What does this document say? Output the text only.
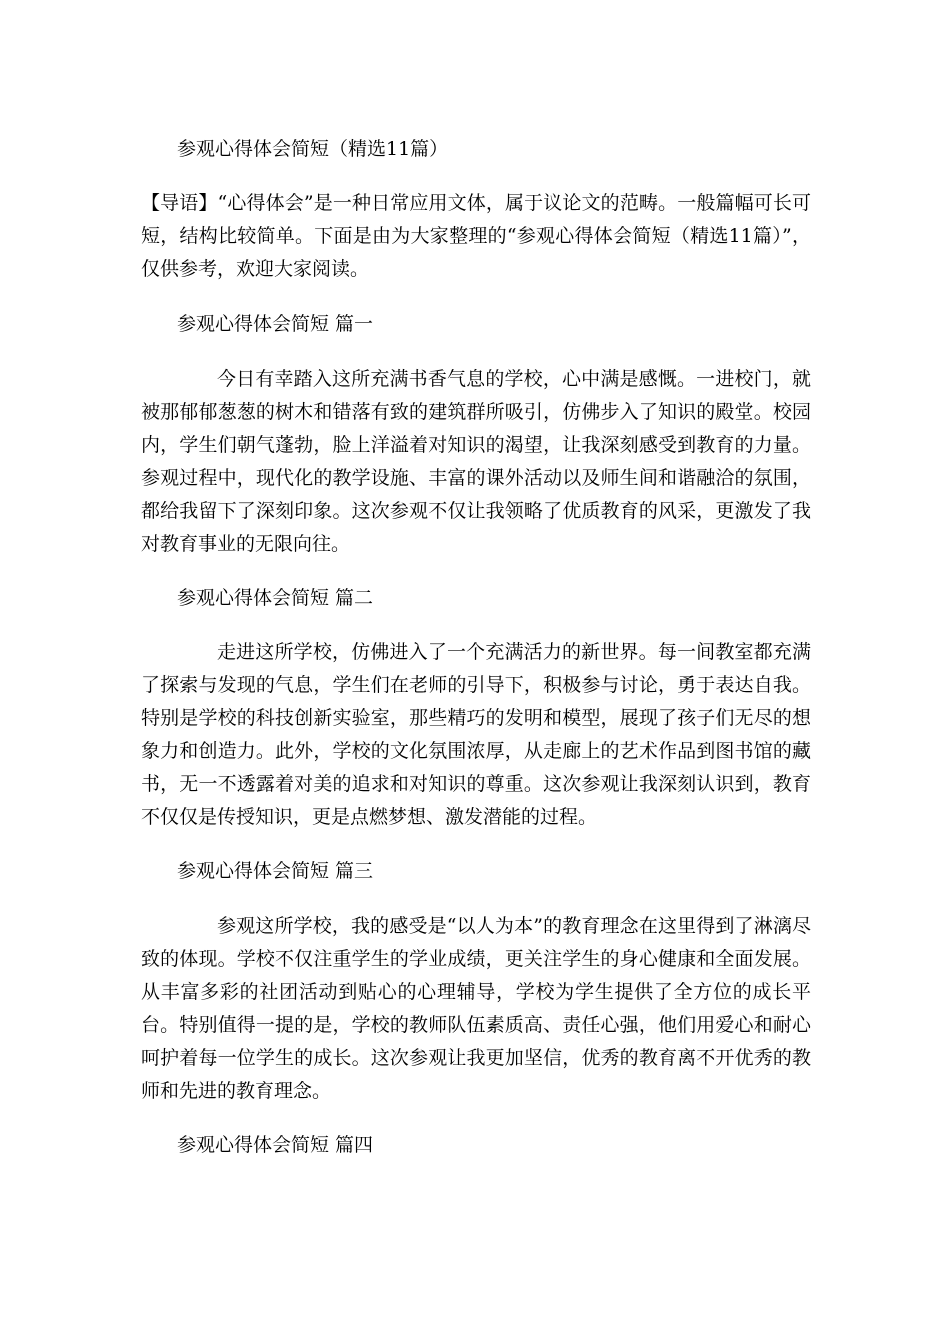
参观心得体会简短（精选11篇）

【导语】“心得体会”是一种日常应用文体，属于议论文的范畴。一般篇幅可长可短，结构比较简单。下面是由为大家整理的“参观心得体会简短（精选11篇）”，仅供参考，欢迎大家阅读。

参观心得体会简短 篇一

今日有幸踏入这所充满书香气息的学校，心中满是感慨。一进校门，就被那郁郁葱葱的树木和错落有致的建筑群所吸引，仿佛步入了知识的殿堂。校园内，学生们朝气蓬勃，脸上洋溢着对知识的渴望，让我深刻感受到教育的力量。参观过程中，现代化的教学设施、丰富的课外活动以及师生间和谐融洽的氛围，都给我留下了深刻印象。这次参观不仅让我领略了优质教育的风采，更激发了我对教育事业的无限向往。

参观心得体会简短 篇二

走进这所学校，仿佛进入了一个充满活力的新世界。每一间教室都充满了探索与发现的气息，学生们在老师的引导下，积极参与讨论，勇于表达自我。特别是学校的科技创新实验室，那些精巧的发明和模型，展现了孩子们无尽的想象力和创造力。此外，学校的文化氛围浓厚，从走廊上的艺术作品到图书馆的藏书，无一不透露着对美的追求和对知识的尊重。这次参观让我深刻认识到，教育不仅仅是传授知识，更是点燃梦想、激发潜能的过程。

参观心得体会简短 篇三

参观这所学校，我的感受是“以人为本”的教育理念在这里得到了淋漓尽致的体现。学校不仅注重学生的学业成绩，更关注学生的身心健康和全面发展。从丰富多彩的社团活动到贴心的心理辅导，学校为学生提供了全方位的成长平台。特别值得一提的是，学校的教师队伍素质高、责任心强，他们用爱心和耐心呵护着每一位学生的成长。这次参观让我更加坚信，优秀的教育离不开优秀的教师和先进的教育理念。

参观心得体会简短 篇四
